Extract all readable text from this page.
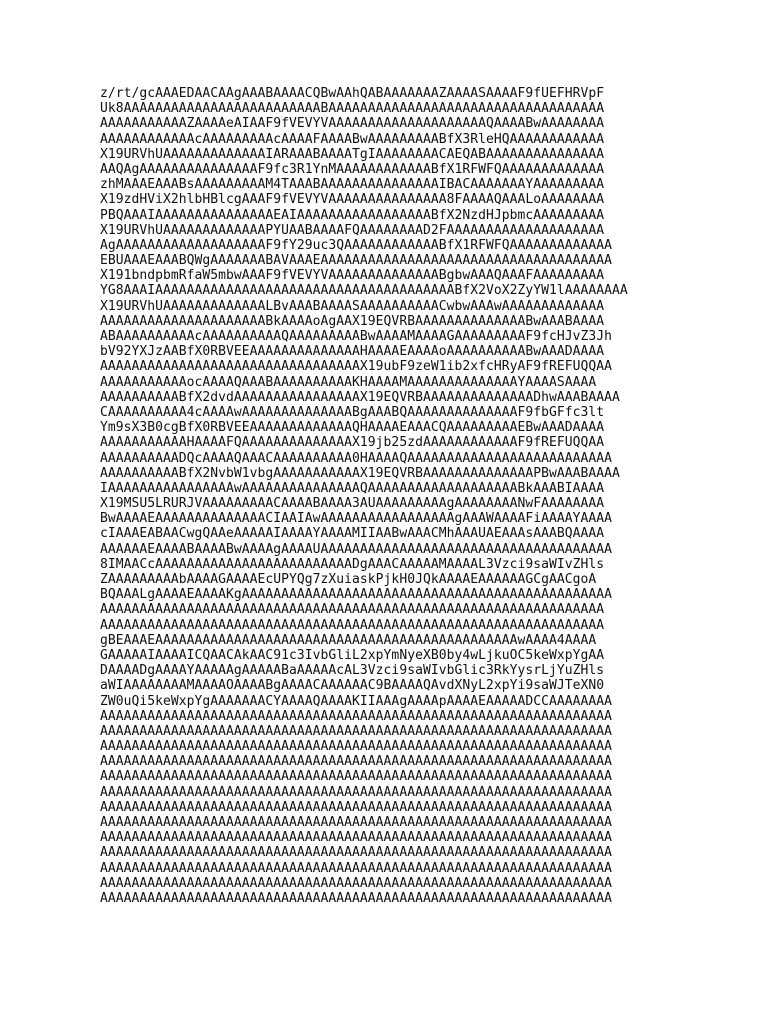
z/rt/gcAAAEDAACAAgAAABAAAACQBwAAhQABAAAAAAAZAAAASAAAAF9fUEFHRVpF
Uk8AAAAAAAAAAAAAAAAAAAAAAAAABAAAAAAAAAAAAAAAAAAAAAAAAAAAAAAAAAAA
AAAAAAAAAAAZAAAAeAIAAF9fVEVYVAAAAAAAAAAAAAAAAAAAAQAAAABwAAAAAAAA
AAAAAAAAAAAAcAAAAAAAAAcAAAAFAAAABwAAAAAAAAABfX3RleHQAAAAAAAAAAAA
X19URVhUAAAAAAAAAAAAAIARAAABAAAATgIAAAAAAAACAEQABAAAAAAAAAAAAAAA
AAQAgAAAAAAAAAAAAAAAF9fc3R1YnMAAAAAAAAAAAABfX1RFWFQAAAAAAAAAAAAA
zhMAAAEAAABsAAAAAAAAAM4TAAABAAAAAAAAAAAAAAAIBACAAAAAAAYAAAAAAAAA
X19zdHViX2hlbHBlcgAAAF9fVEVYVAAAAAAAAAAAAAAA8FAAAAQAAALoAAAAAAAA
PBQAAAIAAAAAAAAAAAAAAAEAIAAAAAAAAAAAAAAAAABfX2NzdHJpbmcAAAAAAAAA
X19URVhUAAAAAAAAAAAAAPYUAABAAAAFQAAAAAAAAD2FAAAAAAAAAAAAAAAAAAAA
AgAAAAAAAAAAAAAAAAAAAF9fY29uc3QAAAAAAAAAAAABfX1RFWFQAAAAAAAAAAAAA
EBUAAAEAAABQWgAAAAAAABAVAAAEAAAAAAAAAAAAAAAAAAAAAAAAAAAAAAAAAAAAA
X191bndpbmRfaW5mbwAAAF9fVEVYVAAAAAAAAAAAAAABgbwAAAQAAAFAAAAAAAAA
YG8AAAIAAAAAAAAAAAAAAAAAAAAAAAAAAAAAAAAAAAAAABfX2VoX2ZyYW1lAAAAAAAA
X19URVhUAAAAAAAAAAAAALBvAAABAAAASAAAAAAAAAACwbwAAAwAAAAAAAAAAAAA
AAAAAAAAAAAAAAAAAAAAABkAAAAoAgAAX19EQVRBAAAAAAAAAAAAAABwAAABAAAA
ABAAAAAAAAAAcAAAAAAAAAAQAAAAAAAAABwAAAAMAAAAGAAAAAAAAAF9fcHJvZ3Jh
bV92YXJzAABfX0RBVEEAAAAAAAAAAAAAAHAAAAEAAAAoAAAAAAAAAABwAAADAAAA
AAAAAAAAAAAAAAAAAAAAAAAAAAAAAAAAAX19ubF9zeW1ib2xfcHRyAF9fREFUQQAA
AAAAAAAAAAAocAAAAQAAABAAAAAAAAAAKHAAAAMAAAAAAAAAAAAAAYAAAASAAAA
AAAAAAAAAABfX2dvdAAAAAAAAAAAAAAAAX19EQVRBAAAAAAAAAAAAAADhwAAABAAAA
CAAAAAAAAAA4cAAAAwAAAAAAAAAAAAAABgAAABQAAAAAAAAAAAAAAF9fbGFfc3lt
Ym9sX3B0cgBfX0RBVEEAAAAAAAAAAAAAQHAAAAEAAACQAAAAAAAAAEBwAAADAAAA
AAAAAAAAAAAHAAAAFQAAAAAAAAAAAAAAX19jb25zdAAAAAAAAAAAAF9fREFUQQAA
AAAAAAAAAADQcAAAAQAAACAAAAAAAAAA0HAAAAQAAAAAAAAAAAAAAAAAAAAAAAAAA
AAAAAAAAAABfX2NvbW1vbgAAAAAAAAAAAX19EQVRBAAAAAAAAAAAAAAPBwAAABAAAA
IAAAAAAAAAAAAAAAAwAAAAAAAAAAAAAAAQAAAAAAAAAAAAAAAAAAABkAAABIAAAA
X19MSU5LRURJVAAAAAAAAACAAAABAAAA3AUAAAAAAAAAgAAAAAAAANwFAAAAAAAA
BwAAAAEAAAAAAAAAAAAAACIAAIAwAAAAAAAAAAAAAAAAAgAAAWAAAAFiAAAAYAAAA
cIAAAEABAACwgQAAeAAAAAIAAAAYAAAAMIIAABwAAACMhAAAUAEAAAsAAABQAAAA
AAAAAAEAAAABAAAABwAAAAgAAAAUAAAAAAAAAAAAAAAAAAAAAAAAAAAAAAAAAAAAA
8IMAACcAAAAAAAAAAAAAAAAAAAAAAAAADgAAACAAAAAMAAAAL3Vzci9saWIvZHls
ZAAAAAAAAAbAAAAGAAAAEcUPYQg7zXuiaskPjkH0JQkAAAAEAAAAAAGCgAACgoA
BQAAALgAAAAEAAAAKgAAAAAAAAAAAAAAAAAAAAAAAAAAAAAAAAAAAAAAAAAAAAAAA
AAAAAAAAAAAAAAAAAAAAAAAAAAAAAAAAAAAAAAAAAAAAAAAAAAAAAAAAAAAAAAAA
AAAAAAAAAAAAAAAAAAAAAAAAAAAAAAAAAAAAAAAAAAAAAAAAAAAAAAAAAAAAAAAA
gBEAAAEAAAAAAAAAAAAAAAAAAAAAAAAAAAAAAAAAAAAAAAAAAAAAAwAAAA4AAAA
GAAAAAIAAAAICQAACAkAAC91c3IvbGliL2xpYmNyeXB0by4wLjkuOC5keWxpYgAA
DAAAADgAAAAYAAAAAgAAAAABaAAAAAcAL3Vzci9saWIvbGlic3RkYysrLjYuZHls
aWIAAAAAAAAMAAAAOAAAABgAAAACAAAAAAC9BAAAAQAvdXNyL2xpYi9saWJTeXN0
ZW0uQi5keWxpYgAAAAAAACYAAAAQAAAAKIIAAAgAAAApAAAAEAAAAADCCAAAAAAAA
AAAAAAAAAAAAAAAAAAAAAAAAAAAAAAAAAAAAAAAAAAAAAAAAAAAAAAAAAAAAAAAAA
AAAAAAAAAAAAAAAAAAAAAAAAAAAAAAAAAAAAAAAAAAAAAAAAAAAAAAAAAAAAAAAAA
AAAAAAAAAAAAAAAAAAAAAAAAAAAAAAAAAAAAAAAAAAAAAAAAAAAAAAAAAAAAAAAAA
AAAAAAAAAAAAAAAAAAAAAAAAAAAAAAAAAAAAAAAAAAAAAAAAAAAAAAAAAAAAAAAAA
AAAAAAAAAAAAAAAAAAAAAAAAAAAAAAAAAAAAAAAAAAAAAAAAAAAAAAAAAAAAAAAAA
AAAAAAAAAAAAAAAAAAAAAAAAAAAAAAAAAAAAAAAAAAAAAAAAAAAAAAAAAAAAAAAAA
AAAAAAAAAAAAAAAAAAAAAAAAAAAAAAAAAAAAAAAAAAAAAAAAAAAAAAAAAAAAAAAAA
AAAAAAAAAAAAAAAAAAAAAAAAAAAAAAAAAAAAAAAAAAAAAAAAAAAAAAAAAAAAAAAAA
AAAAAAAAAAAAAAAAAAAAAAAAAAAAAAAAAAAAAAAAAAAAAAAAAAAAAAAAAAAAAAAAA
AAAAAAAAAAAAAAAAAAAAAAAAAAAAAAAAAAAAAAAAAAAAAAAAAAAAAAAAAAAAAAAAA
AAAAAAAAAAAAAAAAAAAAAAAAAAAAAAAAAAAAAAAAAAAAAAAAAAAAAAAAAAAAAAAAA
AAAAAAAAAAAAAAAAAAAAAAAAAAAAAAAAAAAAAAAAAAAAAAAAAAAAAAAAAAAAAAAAA
AAAAAAAAAAAAAAAAAAAAAAAAAAAAAAAAAAAAAAAAAAAAAAAAAAAAAAAAAAAAAAAAA
